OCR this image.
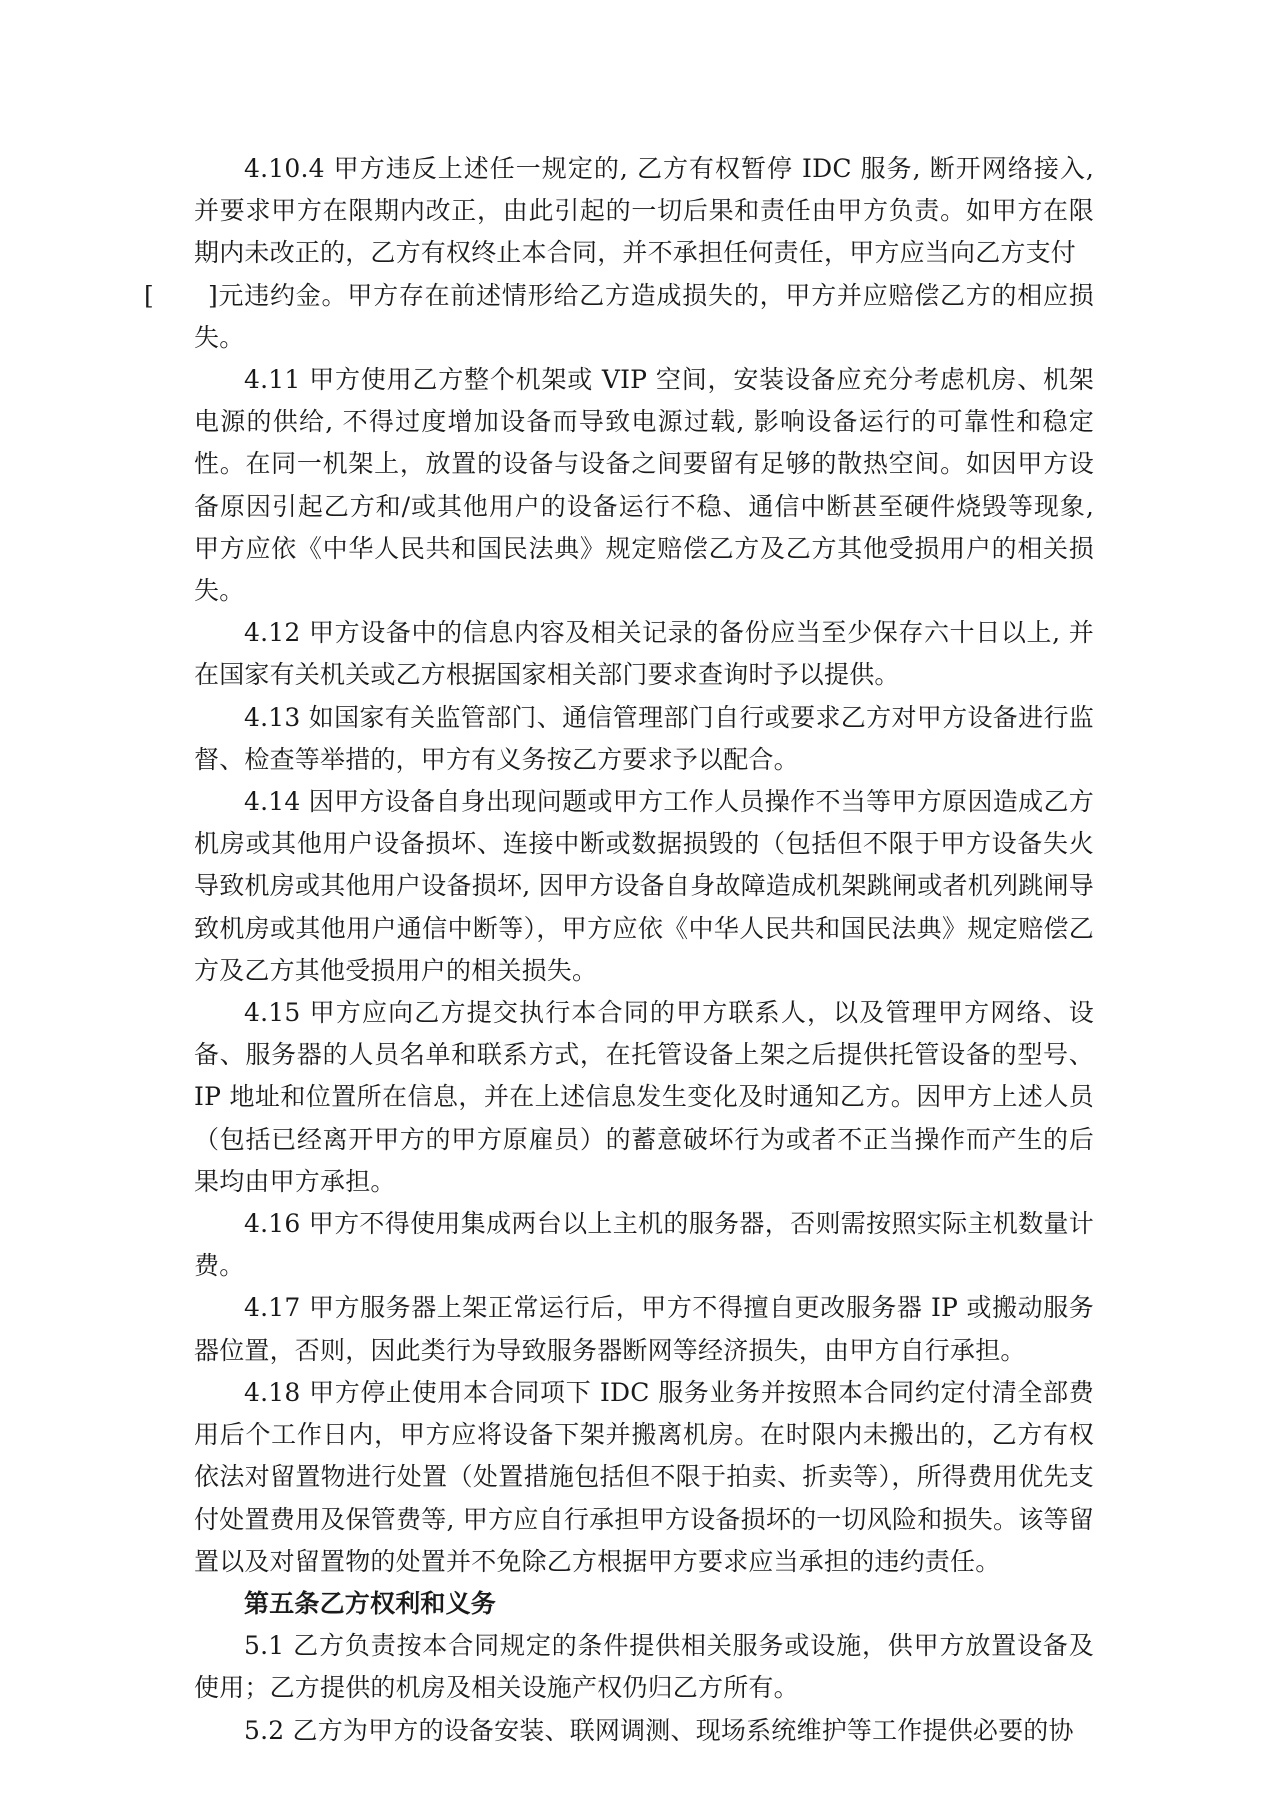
4.10.4 甲方违反上述任一规定的, 乙方有权暂停 IDC 服务, 断开网络接入, 并要求甲方在限期内改正，由此引起的一切后果和责任由甲方负责。如甲方在限期内未改正的，乙方有权终止本合同，并不承担任何责任，甲方应当向乙方支付
[ ]元违约金。甲方存在前述情形给乙方造成损失的，甲方并应赔偿乙方的相应损失。

4.11 甲方使用乙方整个机架或 VIP 空间，安装设备应充分考虑机房、机架电源的供给, 不得过度增加设备而导致电源过载, 影响设备运行的可靠性和稳定性。在同一机架上，放置的设备与设备之间要留有足够的散热空间。如因甲方设备原因引起乙方和/或其他用户的设备运行不稳、通信中断甚至硬件烧毁等现象, 甲方应依《中华人民共和国民法典》规定赔偿乙方及乙方其他受损用户的相关损失。

4.12 甲方设备中的信息内容及相关记录的备份应当至少保存六十日以上, 并在国家有关机关或乙方根据国家相关部门要求查询时予以提供。

4.13 如国家有关监管部门、通信管理部门自行或要求乙方对甲方设备进行监督、检查等举措的，甲方有义务按乙方要求予以配合。

4.14 因甲方设备自身出现问题或甲方工作人员操作不当等甲方原因造成乙方机房或其他用户设备损坏、连接中断或数据损毁的（包括但不限于甲方设备失火导致机房或其他用户设备损坏, 因甲方设备自身故障造成机架跳闸或者机列跳闸导致机房或其他用户通信中断等），甲方应依《中华人民共和国民法典》规定赔偿乙方及乙方其他受损用户的相关损失。

4.15 甲方应向乙方提交执行本合同的甲方联系人，以及管理甲方网络、设备、服务器的人员名单和联系方式，在托管设备上架之后提供托管设备的型号、IP 地址和位置所在信息，并在上述信息发生变化及时通知乙方。因甲方上述人员（包括已经离开甲方的甲方原雇员）的蓄意破坏行为或者不正当操作而产生的后果均由甲方承担。

4.16 甲方不得使用集成两台以上主机的服务器，否则需按照实际主机数量计费。

4.17 甲方服务器上架正常运行后，甲方不得擅自更改服务器 IP 或搬动服务器位置，否则，因此类行为导致服务器断网等经济损失，由甲方自行承担。

4.18 甲方停止使用本合同项下 IDC 服务业务并按照本合同约定付清全部费用后个工作日内，甲方应将设备下架并搬离机房。在时限内未搬出的，乙方有权依法对留置物进行处置（处置措施包括但不限于拍卖、折卖等），所得费用优先支付处置费用及保管费等, 甲方应自行承担甲方设备损坏的一切风险和损失。该等留置以及对留置物的处置并不免除乙方根据甲方要求应当承担的违约责任。

第五条乙方权利和义务

5.1 乙方负责按本合同规定的条件提供相关服务或设施，供甲方放置设备及使用；乙方提供的机房及相关设施产权仍归乙方所有。

5.2 乙方为甲方的设备安装、联网调测、现场系统维护等工作提供必要的协
